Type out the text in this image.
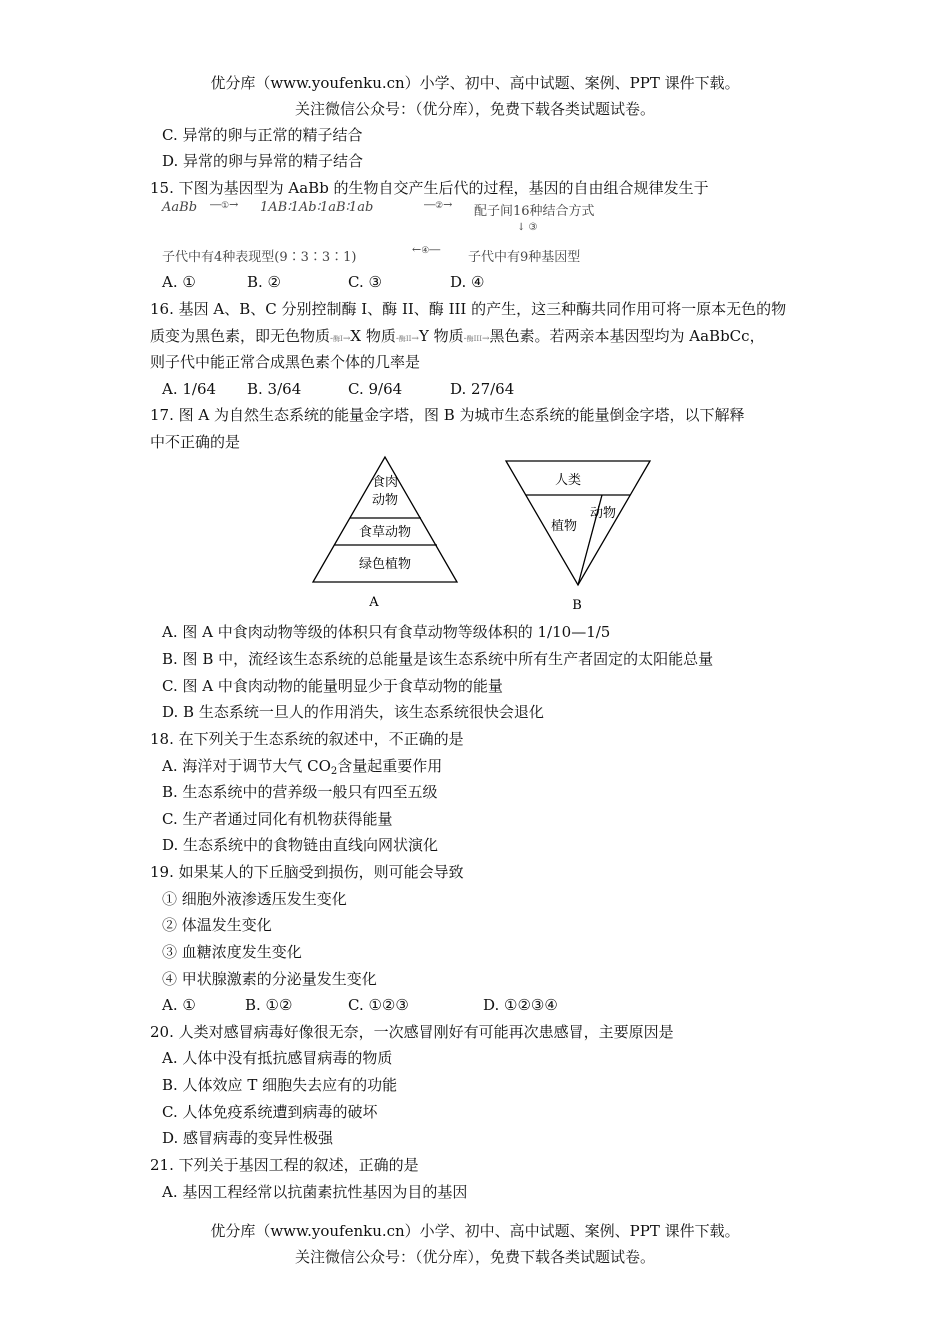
优分库（www.youfenku.cn）小学、初中、高中试题、案例、PPT 课件下载。
关注微信公众号：（优分库），免费下载各类试题试卷。
C. 异常的卵与正常的精子结合
D. 异常的卵与异常的精子结合
15. 下图为基因型为 AaBb 的生物自交产生后代的过程，基因的自由组合规律发生于
AaBb ―①→ 1AB∶1Ab∶1aB∶1ab	―②→ 配子间16种结合方式
↓ ③
子代中有4种表现型(9∶3∶3∶1)
←④―
子代中有9种基因型
A. ①	B. ②	C. ③	D. ④
16. 基因 A、B、C 分别控制酶 I、酶 II、酶 III 的产生，这三种酶共同作用可将一原本无色的物
质变为黑色素，即无色物质-酶I→X 物质-酶II→Y 物质-酶III→黑色素。若两亲本基因型均为 AaBbCc，
则子代中能正常合成黑色素个体的几率是
A. 1/64 B. 3/64	C. 9/64	D. 27/64
17. 图 A 为自然生态系统的能量金字塔，图 B 为城市生态系统的能量倒金字塔，以下解释
中不正确的是
食肉
动物
食草动物
绿色植物
A
人类
植物
动物
B
A. 图 A 中食肉动物等级的体积只有食草动物等级体积的 1/10—1/5
B. 图 B 中，流经该生态系统的总能量是该生态系统中所有生产者固定的太阳能总量
C. 图 A 中食肉动物的能量明显少于食草动物的能量
D. B 生态系统一旦人的作用消失，该生态系统很快会退化
18. 在下列关于生态系统的叙述中，不正确的是
A. 海洋对于调节大气 $CO_2$含量起重要作用
B. 生态系统中的营养级一般只有四至五级
C. 生产者通过同化有机物获得能量
D. 生态系统中的食物链由直线向网状演化
19. 如果某人的下丘脑受到损伤，则可能会导致
① 细胞外液渗透压发生变化
② 体温发生变化
③ 血糖浓度发生变化
④ 甲状腺激素的分泌量发生变化
A. ①	B. ①②	C. ①②③	D. ①②③④
20. 人类对感冒病毒好像很无奈，一次感冒刚好有可能再次患感冒，主要原因是
A. 人体中没有抵抗感冒病毒的物质
B. 人体效应 T 细胞失去应有的功能
C. 人体免疫系统遭到病毒的破坏
D. 感冒病毒的变异性极强
21. 下列关于基因工程的叙述，正确的是
A. 基因工程经常以抗菌素抗性基因为目的基因
优分库（www.youfenku.cn）小学、初中、高中试题、案例、PPT 课件下载。
关注微信公众号：（优分库），免费下载各类试题试卷。
